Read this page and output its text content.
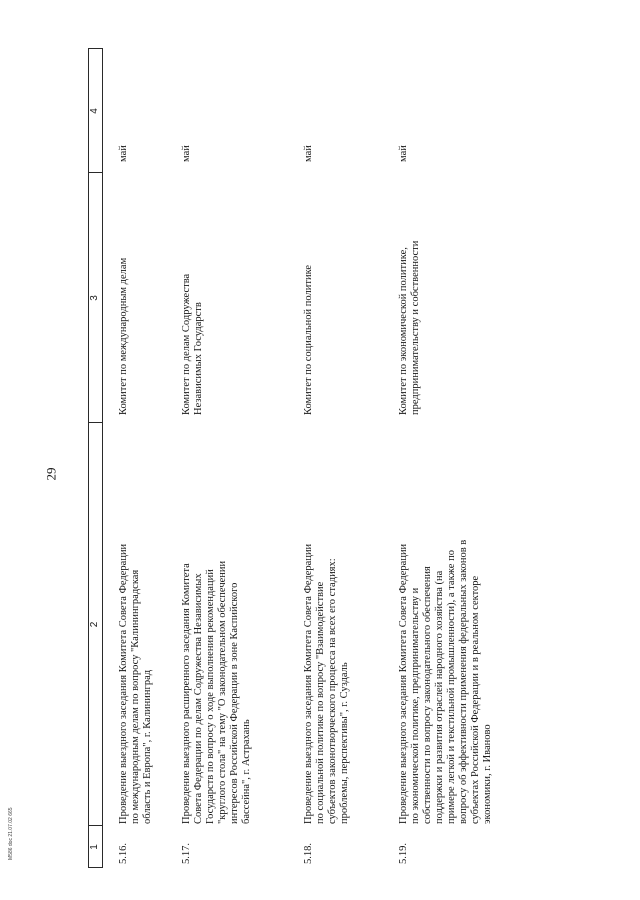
29
M586 doc 21.07.02 665	1
2
3
4
5.16.
Проведение выездного заседания Комитета Совета Федерации
по международным делам по вопросу "Калининградская
область и Европа", г. Калининград
Комитет по международным делам
май
5.17.
Проведение выездного расширенного заседания Комитета
Совета Федерации по делам Содружества Независимых
Государств по вопросу о ходе выполнения рекомендаций
"круглого стола" на тему "О законодательном обеспечении
интересов Российской Федерации в зоне Каспийского
бассейна", г. Астрахань
Комитет по делам Содружества
Независимых Государств
май
5.18.
Проведение выездного заседания Комитета Совета Федерации
по социальной политике по вопросу "Взаимодействие
субъектов законотворческого процесса на всех его стадиях:
проблемы, перспективы", г. Суздаль
Комитет по социальной политике
май
5.19.
Проведение выездного заседания Комитета Совета Федерации
по экономической политике, предпринимательству и
собственности по вопросу законодательного обеспечения
поддержки и развития отраслей народного хозяйства (на
примере легкой и текстильной промышленности), а также по
вопросу об эффективности применения федеральных законов в
субъектах Российской Федерации и в реальном секторе
экономики, г. Иваново
Комитет по экономической политике,
предпринимательству и собственности
май
